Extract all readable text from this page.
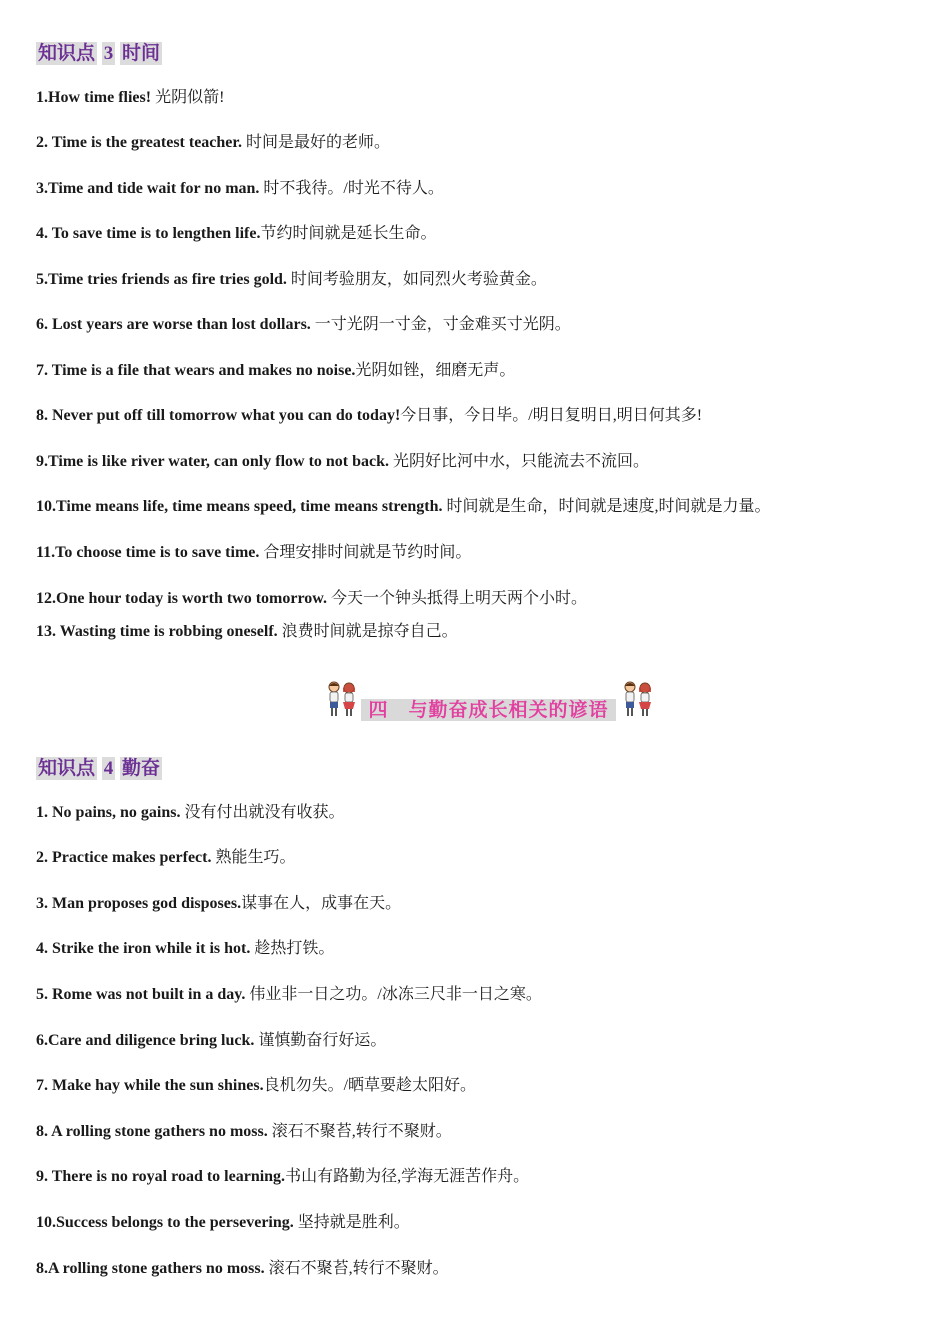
知识点 3 时间
1.How time flies! 光阴似箭!
2. Time is the greatest teacher. 时间是最好的老师。
3.Time and tide wait for no man. 时不我待。/时光不待人。
4. To save time is to lengthen life.节约时间就是延长生命。
5.Time tries friends as fire tries gold. 时间考验朋友，如同烈火考验黄金。
6. Lost years are worse than lost dollars. 一寸光阴一寸金，寸金难买寸光阴。
7. Time is a file that wears and makes no noise.光阴如锉，细磨无声。
8. Never put off till tomorrow what you can do today!今日事，今日毕。/明日复明日,明日何其多!
9.Time is like river water, can only flow to not back. 光阴好比河中水，只能流去不流回。
10.Time means life, time means speed, time means strength. 时间就是生命，时间就是速度,时间就是力量。
11.To choose time is to save time. 合理安排时间就是节约时间。
12.One hour today is worth two tomorrow. 今天一个钟头抵得上明天两个小时。
13. Wasting time is robbing oneself. 浪费时间就是掠夺自己。
四　与勤奋成长相关的谚语
知识点 4 勤奋
1. No pains, no gains. 没有付出就没有收获。
2. Practice makes perfect. 熟能生巧。
3. Man proposes god disposes.谋事在人，成事在天。
4. Strike the iron while it is hot. 趁热打铁。
5. Rome was not built in a day. 伟业非一日之功。/冰冻三尺非一日之寒。
6.Care and diligence bring luck. 谨慎勤奋行好运。
7. Make hay while the sun shines.良机勿失。/晒草要趁太阳好。
8. A rolling stone gathers no moss. 滚石不聚苔,转行不聚财。
9. There is no royal road to learning.书山有路勤为径,学海无涯苦作舟。
10.Success belongs to the persevering. 坚持就是胜利。
8.A rolling stone gathers no moss. 滚石不聚苔,转行不聚财。
